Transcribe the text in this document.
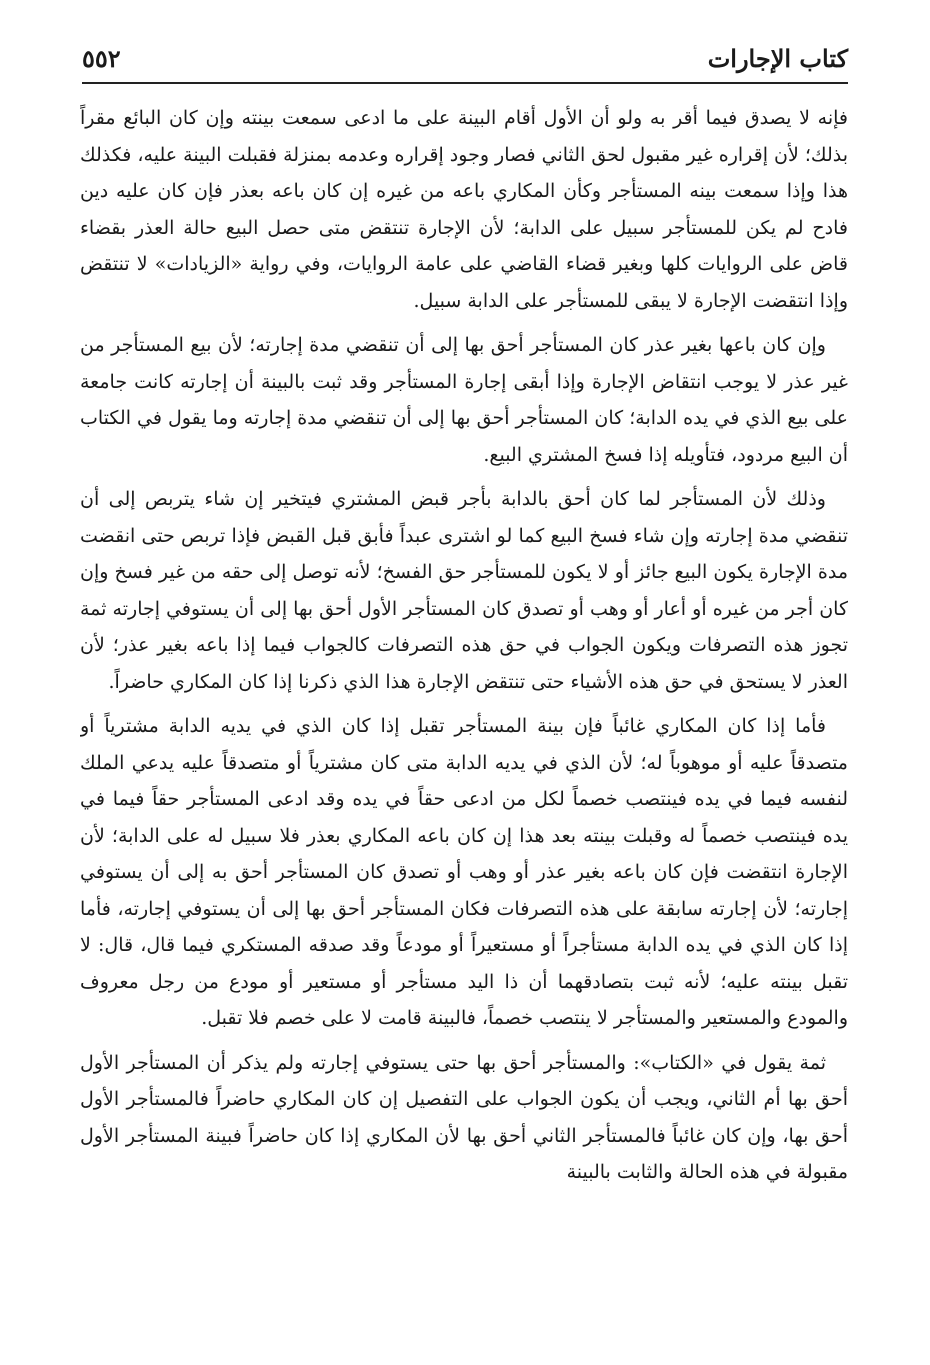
كتاب الإجارات
٥٥٢

فإنه لا يصدق فيما أقر به ولو أن الأول أقام البينة على ما ادعى سمعت بينته وإن كان البائع مقراً بذلك؛ لأن إقراره غير مقبول لحق الثاني فصار وجود إقراره وعدمه بمنزلة فقبلت البينة عليه، فكذلك هذا وإذا سمعت بينه المستأجر وكأن المكاري باعه من غيره إن كان باعه بعذر فإن كان عليه دين فادح لم يكن للمستأجر سبيل على الدابة؛ لأن الإجارة تنتقض متى حصل البيع حالة العذر بقضاء قاض على الروايات كلها وبغير قضاء القاضي على عامة الروايات، وفي رواية «الزيادات» لا تنتقض وإذا انتقضت الإجارة لا يبقى للمستأجر على الدابة سبيل.

وإن كان باعها بغير عذر كان المستأجر أحق بها إلى أن تنقضي مدة إجارته؛ لأن بيع المستأجر من غير عذر لا يوجب انتقاض الإجارة وإذا أبقى إجارة المستأجر وقد ثبت بالبينة أن إجارته كانت جامعة على بيع الذي في يده الدابة؛ كان المستأجر أحق بها إلى أن تنقضي مدة إجارته وما يقول في الكتاب أن البيع مردود، فتأويله إذا فسخ المشتري البيع.

وذلك لأن المستأجر لما كان أحق بالدابة بأجر قبض المشتري فيتخير إن شاء يتربص إلى أن تنقضي مدة إجارته وإن شاء فسخ البيع كما لو اشترى عبداً فأبق قبل القبض فإذا تربص حتى انقضت مدة الإجارة يكون البيع جائز أو لا يكون للمستأجر حق الفسخ؛ لأنه توصل إلى حقه من غير فسخ وإن كان أجر من غيره أو أعار أو وهب أو تصدق كان المستأجر الأول أحق بها إلى أن يستوفي إجارته ثمة تجوز هذه التصرفات ويكون الجواب في حق هذه التصرفات كالجواب فيما إذا باعه بغير عذر؛ لأن العذر لا يستحق في حق هذه الأشياء حتى تنتقض الإجارة هذا الذي ذكرنا إذا كان المكاري حاضراً.

فأما إذا كان المكاري غائباً فإن بينة المستأجر تقبل إذا كان الذي في يديه الدابة مشترياً أو متصدقاً عليه أو موهوباً له؛ لأن الذي في يديه الدابة متى كان مشترياً أو متصدقاً عليه يدعي الملك لنفسه فيما في يده فينتصب خصماً لكل من ادعى حقاً في يده وقد ادعى المستأجر حقاً فيما في يده فينتصب خصماً له وقبلت بينته بعد هذا إن كان باعه المكاري بعذر فلا سبيل له على الدابة؛ لأن الإجارة انتقضت فإن كان باعه بغير عذر أو وهب أو تصدق كان المستأجر أحق به إلى أن يستوفي إجارته؛ لأن إجارته سابقة على هذه التصرفات فكان المستأجر أحق بها إلى أن يستوفي إجارته، فأما إذا كان الذي في يده الدابة مستأجراً أو مستعيراً أو مودعاً وقد صدقه المستكري فيما قال، قال: لا تقبل بينته عليه؛ لأنه ثبت بتصادقهما أن ذا اليد مستأجر أو مستعير أو مودع من رجل معروف والمودع والمستعير والمستأجر لا ينتصب خصماً، فالبينة قامت لا على خصم فلا تقبل.

ثمة يقول في «الكتاب»: والمستأجر أحق بها حتى يستوفي إجارته ولم يذكر أن المستأجر الأول أحق بها أم الثاني، ويجب أن يكون الجواب على التفصيل إن كان المكاري حاضراً فالمستأجر الأول أحق بها، وإن كان غائباً فالمستأجر الثاني أحق بها لأن المكاري إذا كان حاضراً فبينة المستأجر الأول مقبولة في هذه الحالة والثابت بالبينة
